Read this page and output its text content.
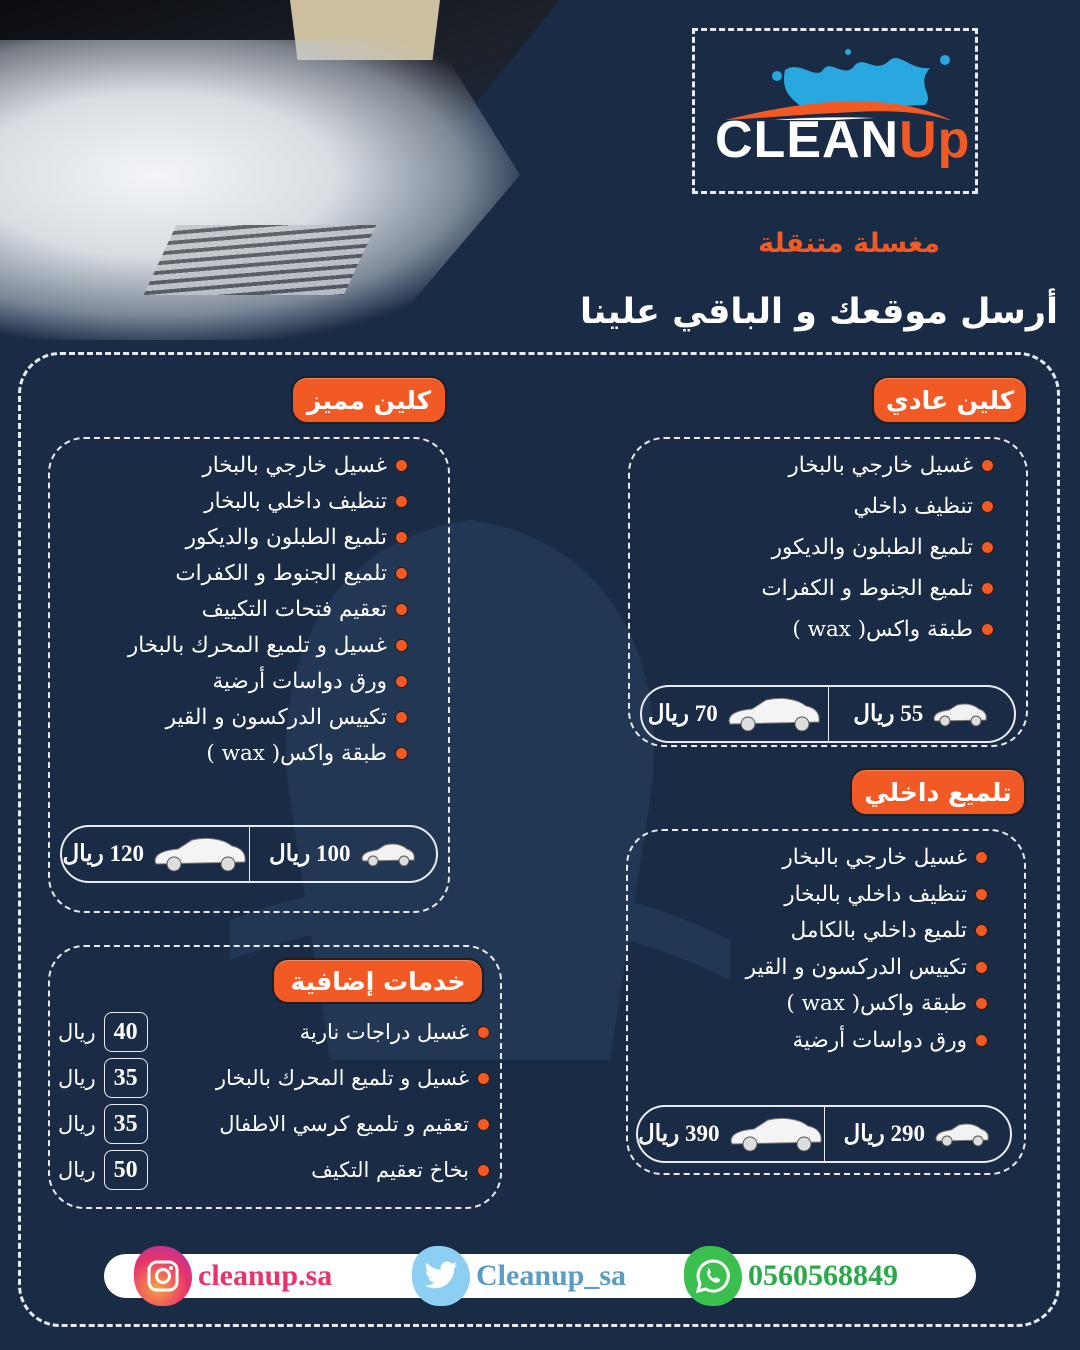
CLEANUp
مغسلة متنقلة
أرسل موقعك و الباقي علينا
كلين عادي
غسيل خارجي بالبخار
تنظيف داخلي
تلميع الطبلون والديكور
تلميع الجنوط و الكفرات
طبقة واكس( wax )
55 ريال
70 ريال
كلين مميز
غسيل خارجي بالبخار
تنظيف داخلي بالبخار
تلميع الطبلون والديكور
تلميع الجنوط و الكفرات
تعقيم فتحات التكييف
غسيل و تلميع المحرك بالبخار
ورق دواسات أرضية
تكييس الدركسون و القير
طبقة واكس( wax )
100 ريال
120 ريال
تلميع داخلي
غسيل خارجي بالبخار
تنظيف داخلي بالبخار
تلميع داخلي بالكامل
تكييس الدركسون و القير
طبقة واكس( wax )
ورق دواسات أرضية
290 ريال
390 ريال
خدمات إضافية
غسيل دراجات نارية
40
ريال
غسيل و تلميع المحرك بالبخار
35
ريال
تعقيم و تلميع كرسي الاطفال
35
ريال
بخاخ تعقيم التكيف
50
ريال
cleanup.sa	Cleanup_sa	0560568849
